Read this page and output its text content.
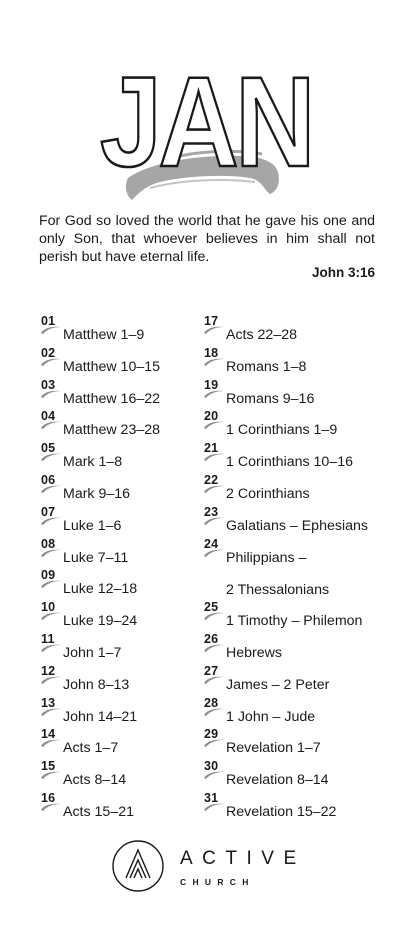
JAN
For God so loved the world that he gave his one and only Son, that whoever believes in him shall not perish but have eternal life.
John 3:16
01
Matthew 1–9
02
Matthew 10–15
03
Matthew 16–22
04
Matthew 23–28
05
Mark 1–8
06
Mark 9–16
07
Luke 1–6
08
Luke 7–11
09
Luke 12–18
10
Luke 19–24
11
John 1–7
12
John 8–13
13
John 14–21
14
Acts 1–7
15
Acts 8–14
16
Acts 15–21
17
Acts 22–28
18
Romans 1–8
19
Romans 9–16
20
1 Corinthians 1–9
21
1 Corinthians 10–16
22
2 Corinthians
23
Galatians – Ephesians
24
Philippians –
2 Thessalonians
25
1 Timothy – Philemon
26
Hebrews
27
James – 2 Peter
28
1 John – Jude
29
Revelation 1–7
30
Revelation 8–14
31
Revelation 15–22
ACTIVE
CHURCH
